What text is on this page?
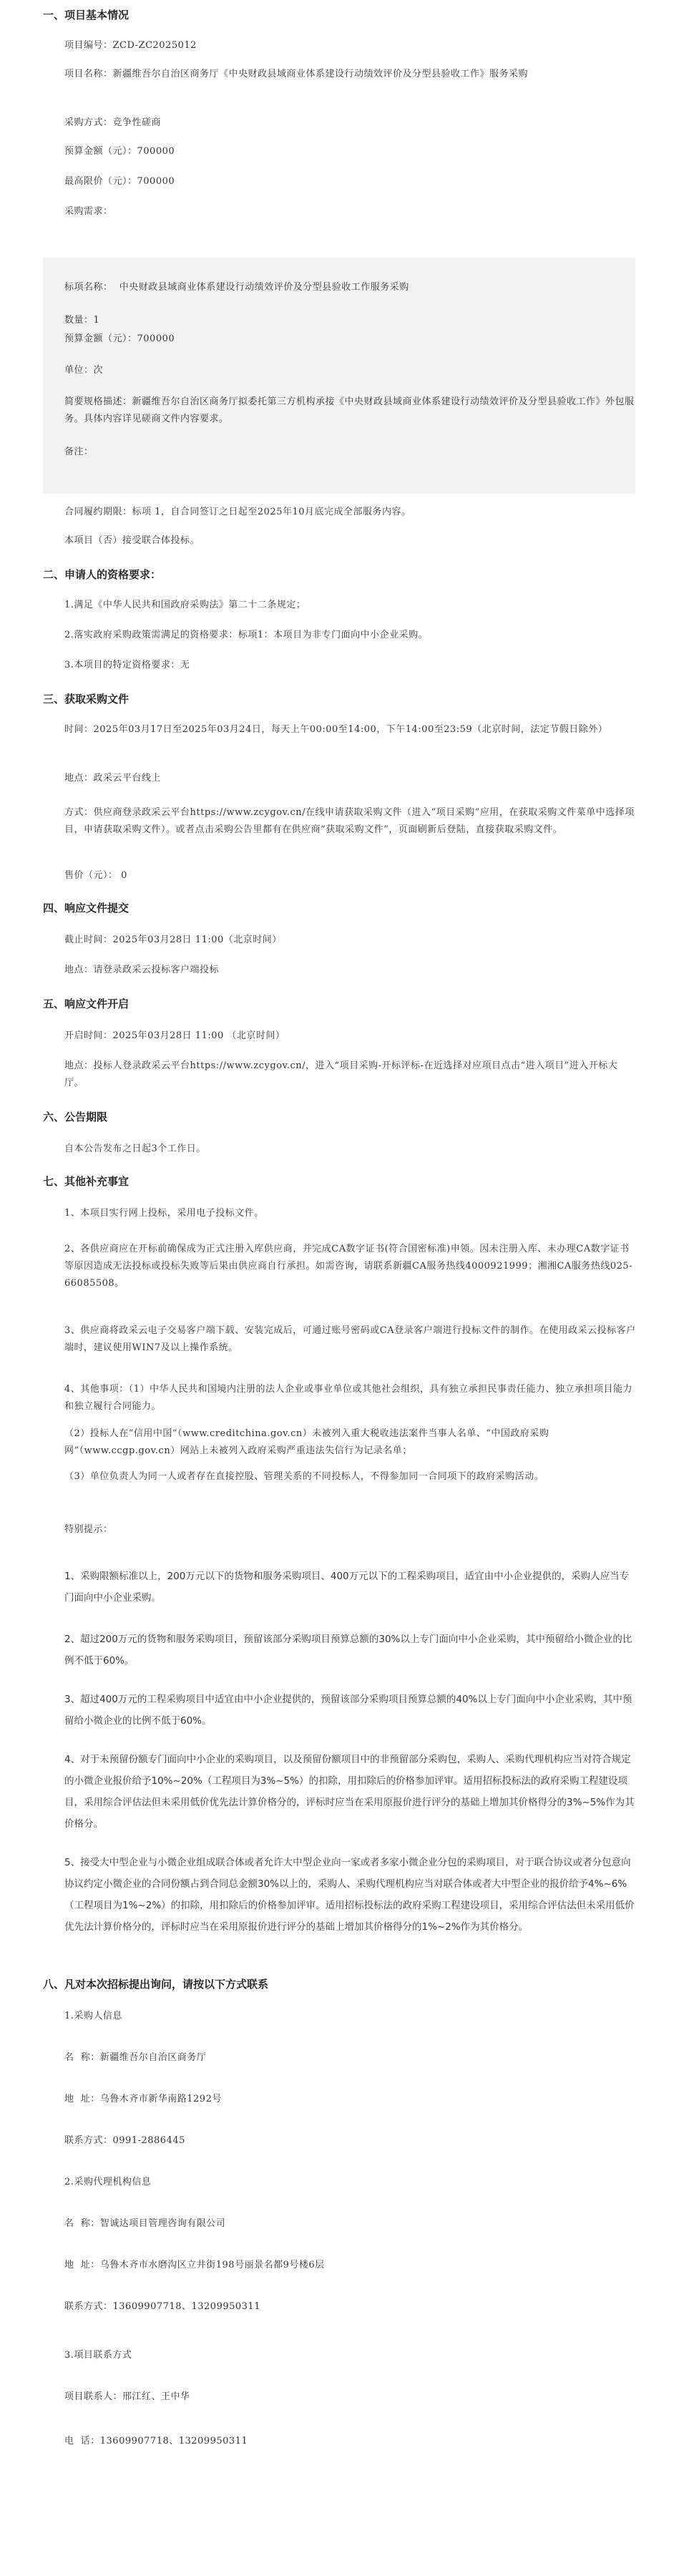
一、项目基本情况
项目编号：ZCD-ZC2025012
项目名称：新疆维吾尔自治区商务厅《中央财政县域商业体系建设行动绩效评价及分型县验收工作》服务采购
采购方式：竞争性磋商
预算金额（元）：700000
最高限价（元）：700000
采购需求：
标项名称：  中央财政县域商业体系建设行动绩效评价及分型县验收工作服务采购
数量：1
预算金额（元）：700000
单位：次
简要规格描述：新疆维吾尔自治区商务厅拟委托第三方机构承接《中央财政县域商业体系建设行动绩效评价及分型县验收工作》外包服务。具体内容详见磋商文件内容要求。
备注：
合同履约期限：标项 1，自合同签订之日起至2025年10月底完成全部服务内容。
本项目（否）接受联合体投标。
二、申请人的资格要求：
1.满足《中华人民共和国政府采购法》第二十二条规定；
2.落实政府采购政策需满足的资格要求：标项1：本项目为非专门面向中小企业采购。
3.本项目的特定资格要求：无
三、获取采购文件
时间：2025年03月17日至2025年03月24日，每天上午00:00至14:00，下午14:00至23:59（北京时间，法定节假日除外）
地点：政采云平台线上
方式：供应商登录政采云平台https://www.zcygov.cn/在线申请获取采购文件（进入“项目采购”应用，在获取采购文件菜单中选择项目，申请获取采购文件）。或者点击采购公告里都有在供应商“获取采购文件”，页面刷新后登陆，直接获取采购文件。
售价（元）： 0
四、响应文件提交
截止时间：2025年03月28日 11:00（北京时间）
地点：请登录政采云投标客户端投标
五、响应文件开启
开启时间：2025年03月28日 11:00 （北京时间）
地点：投标人登录政采云平台https://www.zcygov.cn/，进入“项目采购-开标评标-在近选择对应项目点击“进入项目”进入开标大厅。
六、公告期限
自本公告发布之日起3个工作日。
七、其他补充事宜
1、本项目实行网上投标，采用电子投标文件。
2、各供应商应在开标前确保成为正式注册入库供应商，并完成CA数字证书(符合国密标准)申领。因未注册入库、未办理CA数字证书等原因造成无法投标或投标失败等后果由供应商自行承担。如需咨询，请联系新疆CA服务热线4000921999；湘湘CA服务热线025-66085508。
3、供应商将政采云电子交易客户端下载、安装完成后，可通过账号密码或CA登录客户端进行投标文件的制作。在使用政采云投标客户端时，建议使用WIN7及以上操作系统。
4、其他事项：（1）中华人民共和国境内注册的法人企业或事业单位或其他社会组织，具有独立承担民事责任能力、独立承担项目能力和独立履行合同能力。
（2）投标人在“信用中国”（www.creditchina.gov.cn）未被列入重大税收违法案件当事人名单、“中国政府采购网”（www.ccgp.gov.cn）网站上未被列入政府采购严重违法失信行为记录名单；
（3）单位负责人为同一人或者存在直接控股、管理关系的不同投标人，不得参加同一合同项下的政府采购活动。
特别提示：
1、采购限额标准以上，200万元以下的货物和服务采购项目、400万元以下的工程采购项目，适宜由中小企业提供的，采购人应当专门面向中小企业采购。
2、超过200万元的货物和服务采购项目，预留该部分采购项目预算总额的30%以上专门面向中小企业采购，其中预留给小微企业的比例不低于60%。
3、超过400万元的工程采购项目中适宜由中小企业提供的，预留该部分采购项目预算总额的40%以上专门面向中小企业采购，其中预留给小微企业的比例不低于60%。
4、对于未预留份额专门面向中小企业的采购项目，以及预留份额项目中的非预留部分采购包，采购人、采购代理机构应当对符合规定的小微企业报价给予10%~20%（工程项目为3%~5%）的扣除，用扣除后的价格参加评审。适用招标投标法的政府采购工程建设项目，采用综合评估法但未采用低价优先法计算价格分的，评标时应当在采用原报价进行评分的基础上增加其价格得分的3%~5%作为其价格分。
5、接受大中型企业与小微企业组成联合体或者允许大中型企业向一家或者多家小微企业分包的采购项目，对于联合协议或者分包意向协议约定小微企业的合同份额占到合同总金额30%以上的，采购人、采购代理机构应当对联合体或者大中型企业的报价给予4%~6%（工程项目为1%~2%）的扣除，用扣除后的价格参加评审。适用招标投标法的政府采购工程建设项目，采用综合评估法但未采用低价优先法计算价格分的，评标时应当在采用原报价进行评分的基础上增加其价格得分的1%~2%作为其价格分。
八、凡对本次招标提出询问，请按以下方式联系
1.采购人信息
名  称：新疆维吾尔自治区商务厅
地  址：乌鲁木齐市新华南路1292号
联系方式：0991-2886445
2.采购代理机构信息
名  称：智诚达项目管理咨询有限公司
地  址：乌鲁木齐市水磨沟区立井街198号丽景名都9号楼6层
联系方式：13609907718、13209950311
3.项目联系方式
项目联系人：邢江红、王中华
电  话：13609907718、13209950311
